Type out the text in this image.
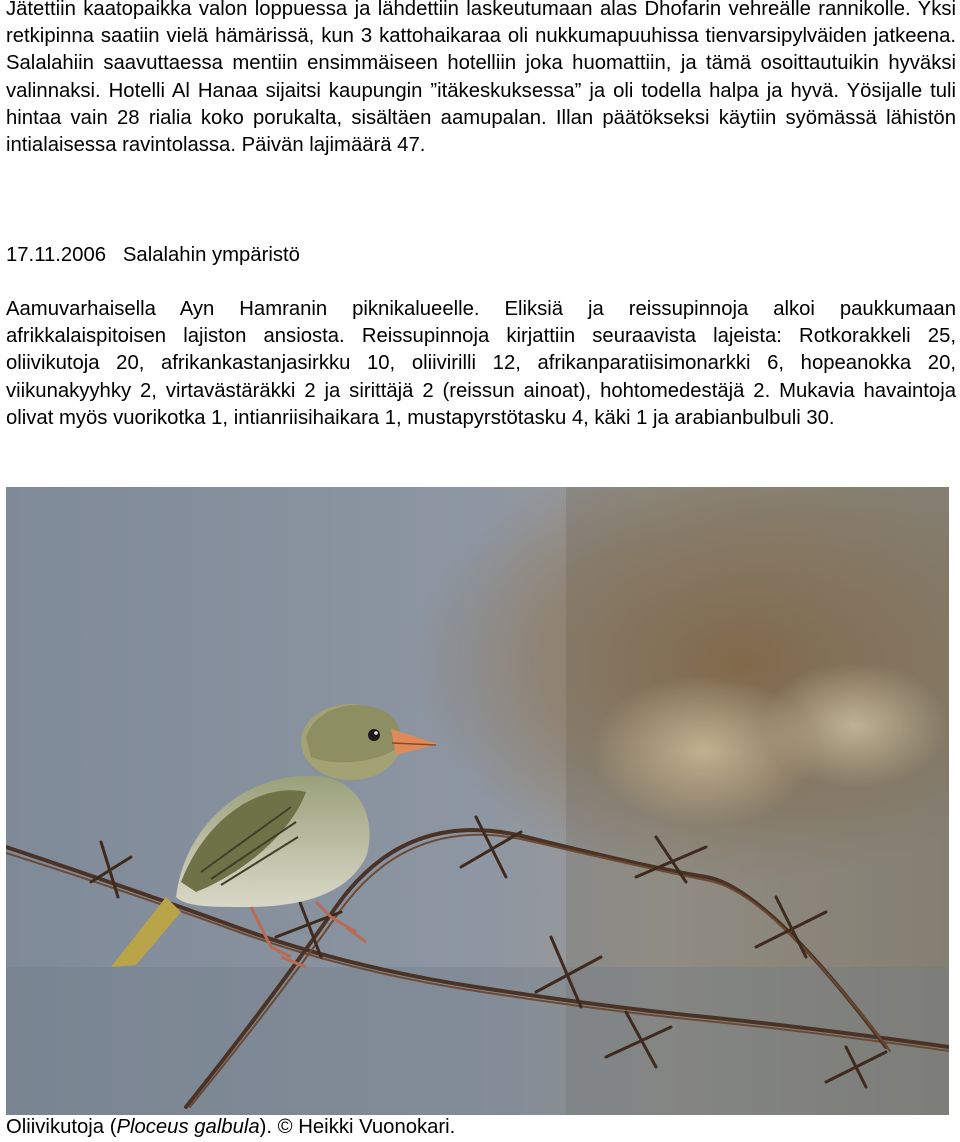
Jätettiin kaatopaikka valon loppuessa ja lähdettiin laskeutumaan alas Dhofarin vehreälle rannikolle. Yksi retkipinna saatiin vielä hämärissä, kun 3 kattohaikaraa oli nukkumapuuhissa tienvarsipylväiden jatkeena. Salalahiin saavuttaessa mentiin ensimmäiseen hotelliin joka huomattiin, ja tämä osoittautuikin hyväksi valinnaksi. Hotelli Al Hanaa sijaitsi kaupungin ”itäkeskuksessa” ja oli todella halpa ja hyvä. Yösijalle tuli hintaa vain 28 rialia koko porukalta, sisältäen aamupalan. Illan päätökseksi käytiin syömässä lähistön intialaisessa ravintolassa. Päivän lajimäärä 47.

17.11.2006 Salalahin ympäristö

Aamuvarhaisella Ayn Hamranin piknikalueelle. Eliksiä ja reissupinnoja alkoi paukkumaan afrikkalaispitoisen lajiston ansiosta. Reissupinnoja kirjattiin seuraavista lajeista: Rotkorakkeli 25, oliivikutoja 20, afrikankastanjasirkku 10, oliivirilli 12, afrikanparatiisimonarkki 6, hopeanokka 20, viikunakyyhky 2, virtavästäräkki 2 ja sirittäjä 2 (reissun ainoat), hohtomedestäjä 2. Mukavia havaintoja olivat myös vuorikotka 1, intianriisihaikara 1, mustapyrstötasku 4, käki 1 ja arabianbulbuli 30.

Oliivikutoja (Ploceus galbula). © Heikki Vuonokari.
